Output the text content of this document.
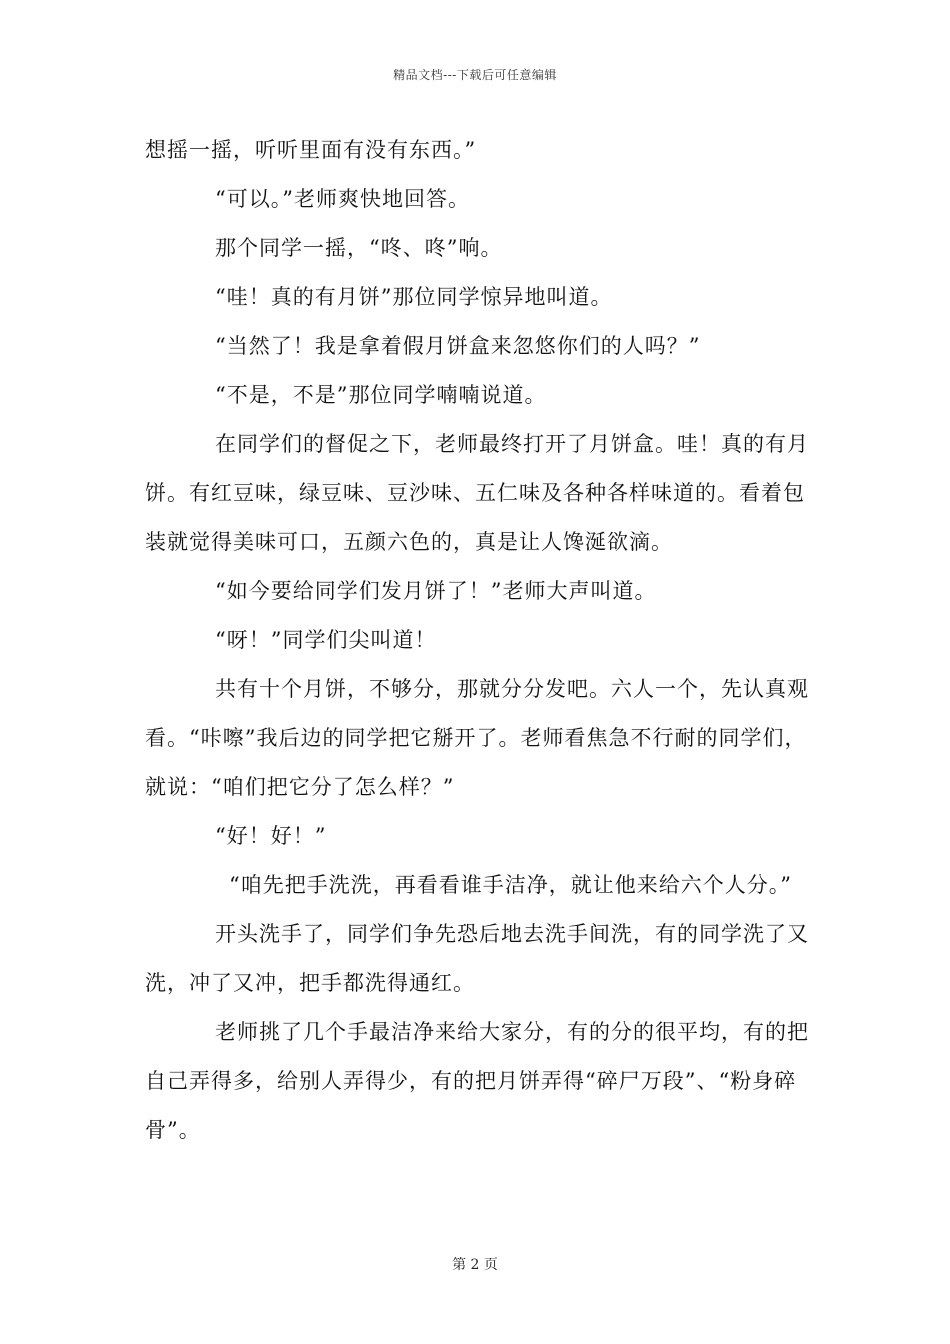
精品文档---下载后可任意编辑

想摇一摇，听听里面有没有东西。”

“可以。”老师爽快地回答。

那个同学一摇，“咚、咚”响。

“哇！真的有月饼”那位同学惊异地叫道。

“当然了！我是拿着假月饼盒来忽悠你们的人吗？”

“不是，不是”那位同学喃喃说道。

在同学们的督促之下，老师最终打开了月饼盒。哇！真的有月饼。有红豆味，绿豆味、豆沙味、五仁味及各种各样味道的。看着包装就觉得美味可口，五颜六色的，真是让人馋涎欲滴。

“如今要给同学们发月饼了！”老师大声叫道。

“呀！”同学们尖叫道！

共有十个月饼，不够分，那就分分发吧。六人一个，先认真观看。“咔嚓”我后边的同学把它掰开了。老师看焦急不行耐的同学们，就说：“咱们把它分了怎么样？”

“好！好！”

“咱先把手洗洗，再看看谁手洁净，就让他来给六个人分。”

开头洗手了，同学们争先恐后地去洗手间洗，有的同学洗了又洗，冲了又冲，把手都洗得通红。

老师挑了几个手最洁净来给大家分，有的分的很平均，有的把自己弄得多，给别人弄得少，有的把月饼弄得“碎尸万段”、“粉身碎骨”。

第 2 页
